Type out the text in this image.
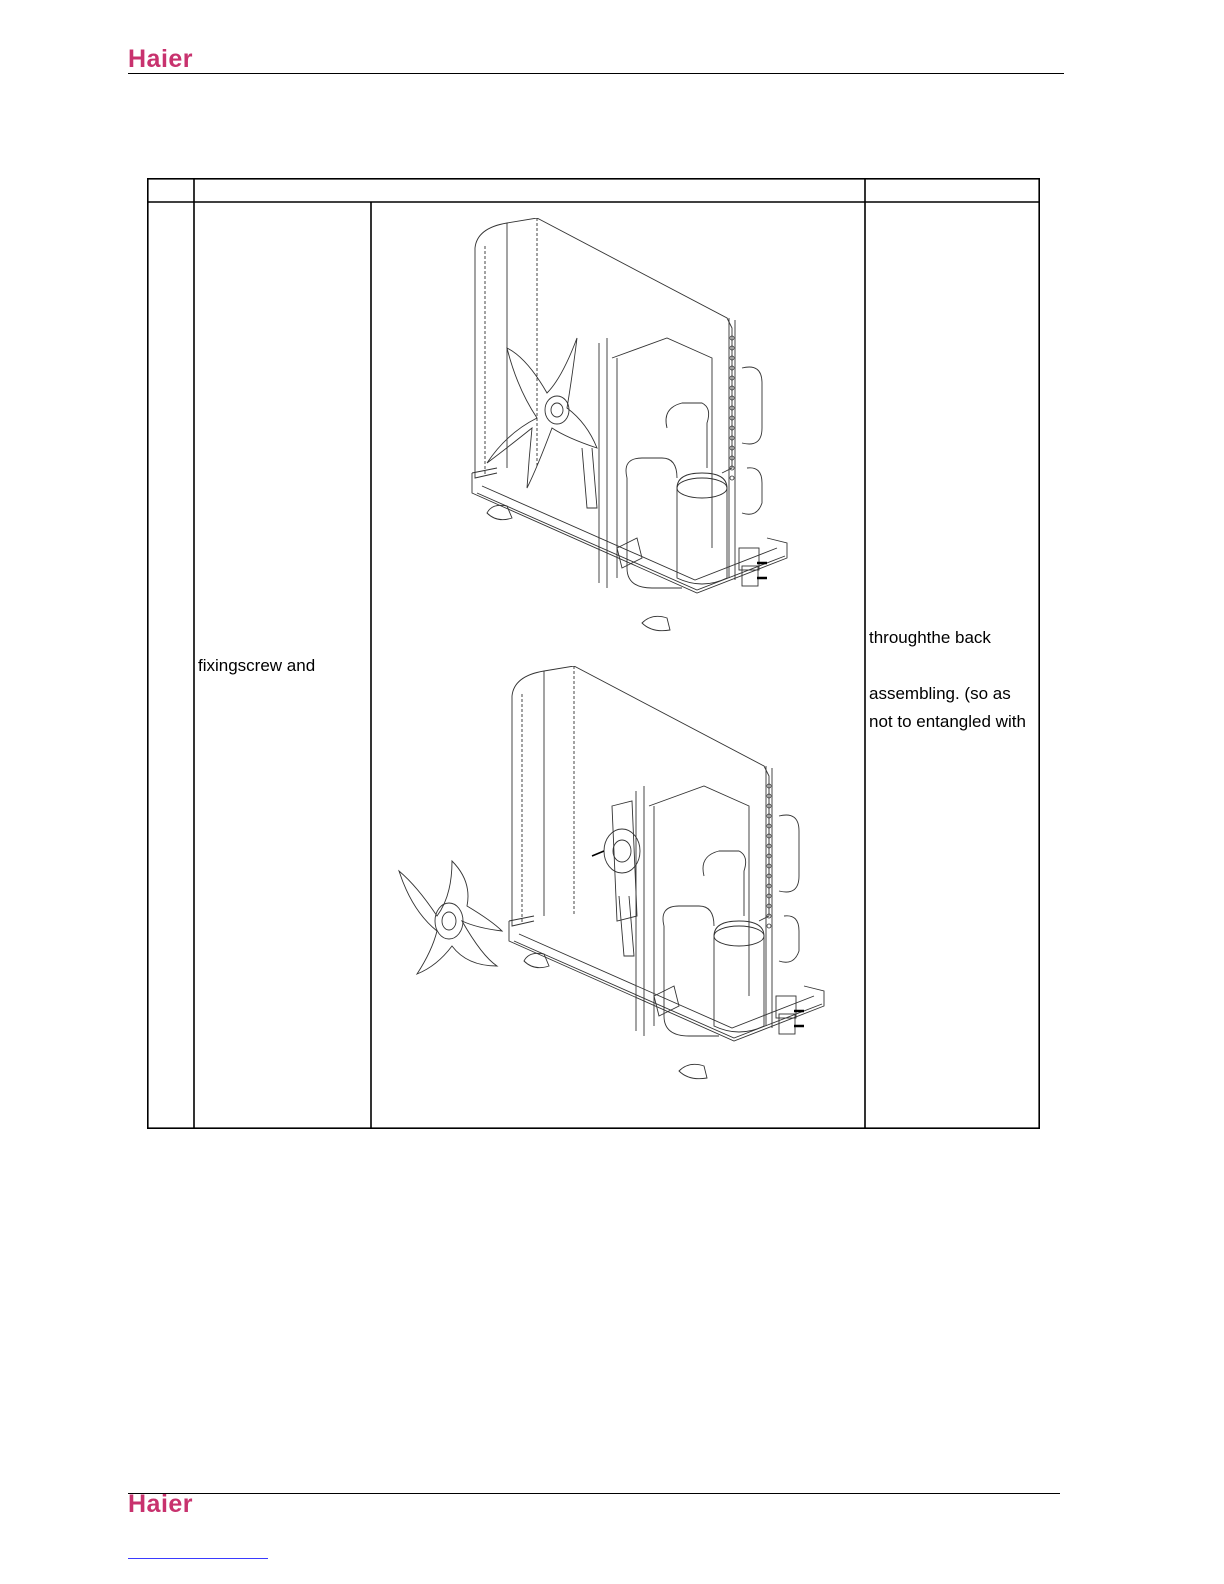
Haier
fixingscrew and
throughthe back
assembling. (so as
not to entangled with
Haier
